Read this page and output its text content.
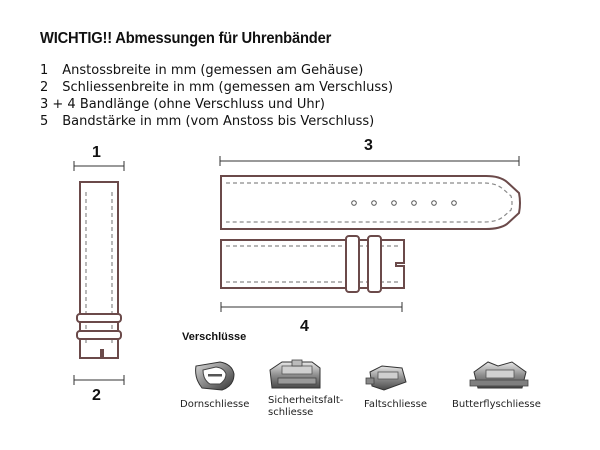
WICHTIG!! Abmessungen für Uhrenbänder
1 Anstossbreite in mm (gemessen am Gehäuse)
2 Schliessenbreite in mm (gemessen am Verschluss)
3 + 4 Bandlänge (ohne Verschluss und Uhr)
5 Bandstärke in mm (vom Anstoss bis Verschluss)
1
2
3
4
Verschlüsse
Dornschliesse Sicherheitsfalt-
schliesse
Faltschliesse	Butterflyschliesse
